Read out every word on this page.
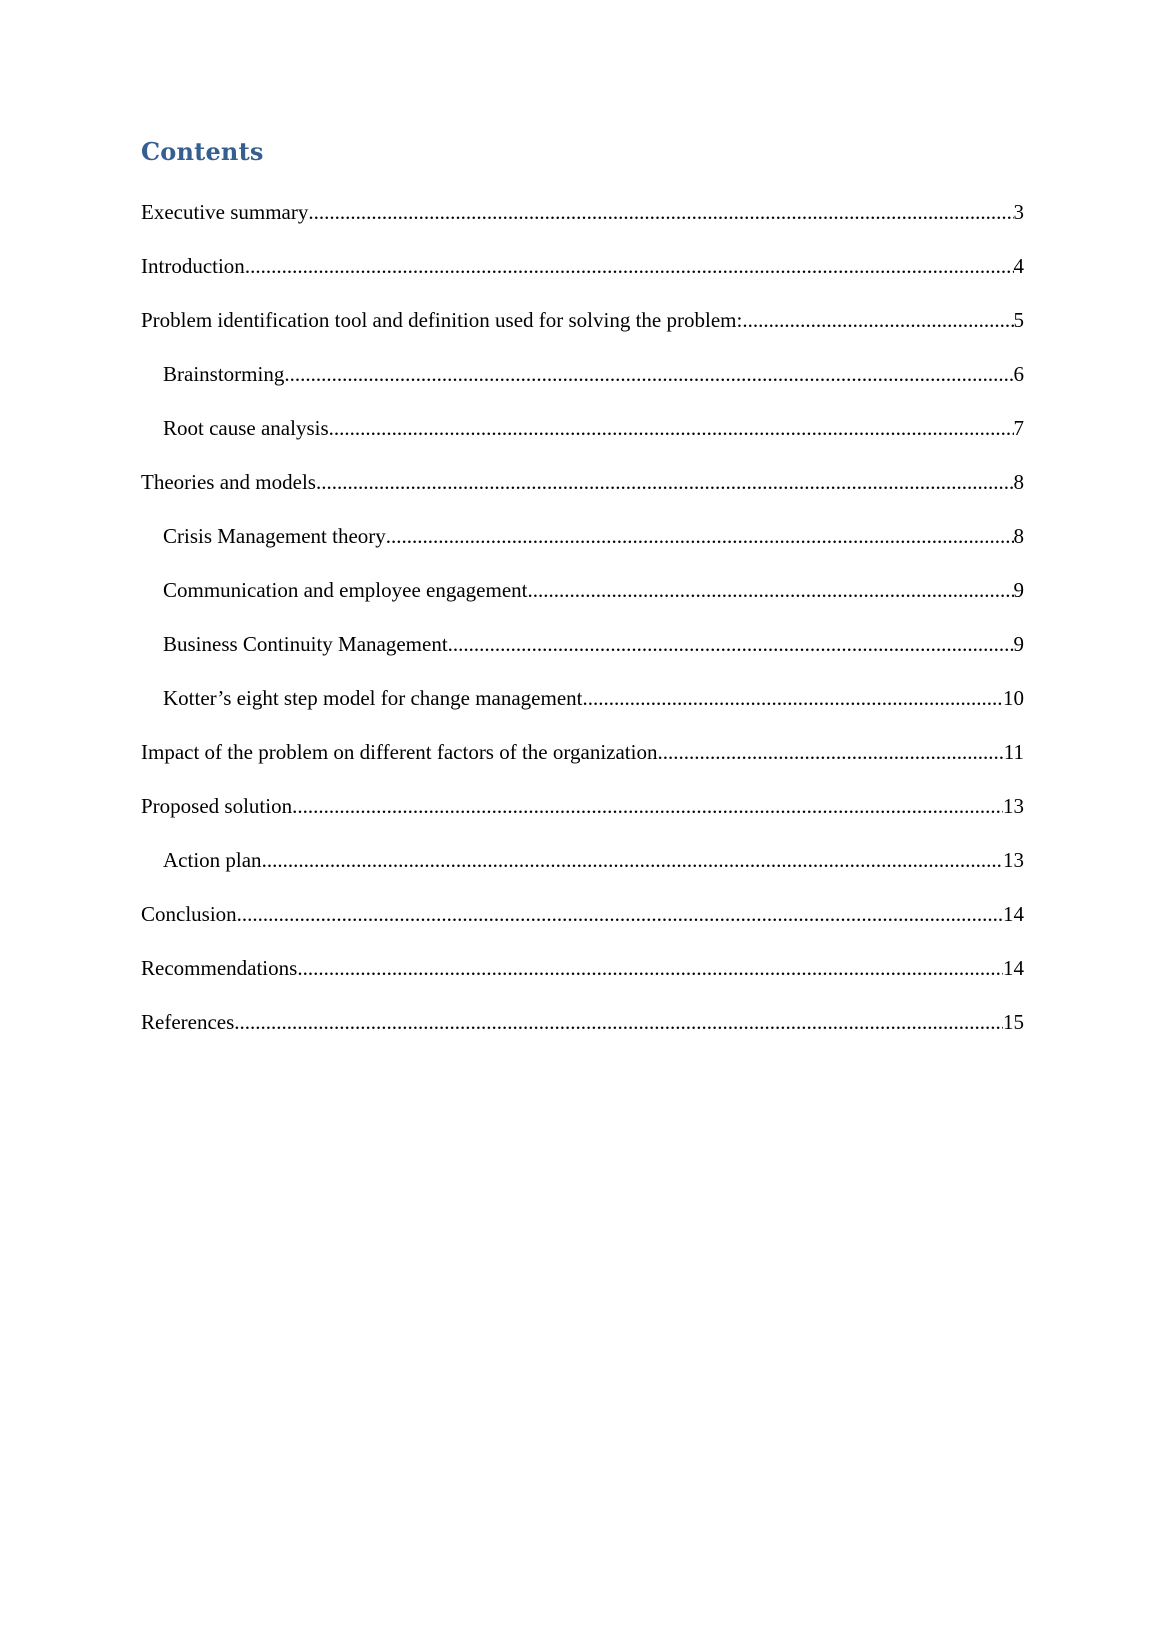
Contents
Executive summary .....	3
Introduction .....	4
Problem identification tool and definition used for solving the problem: .....	5
Brainstorming .....	6
Root cause analysis .....	7
Theories and models .....	8
Crisis Management theory .....	8
Communication and employee engagement .....	9
Business Continuity Management .....	9
Kotter’s eight step model for change management .....	10
Impact of the problem on different factors of the organization .....	11
Proposed solution .....	13
Action plan .....	13
Conclusion .....	14
Recommendations .....	14
References .....	15
